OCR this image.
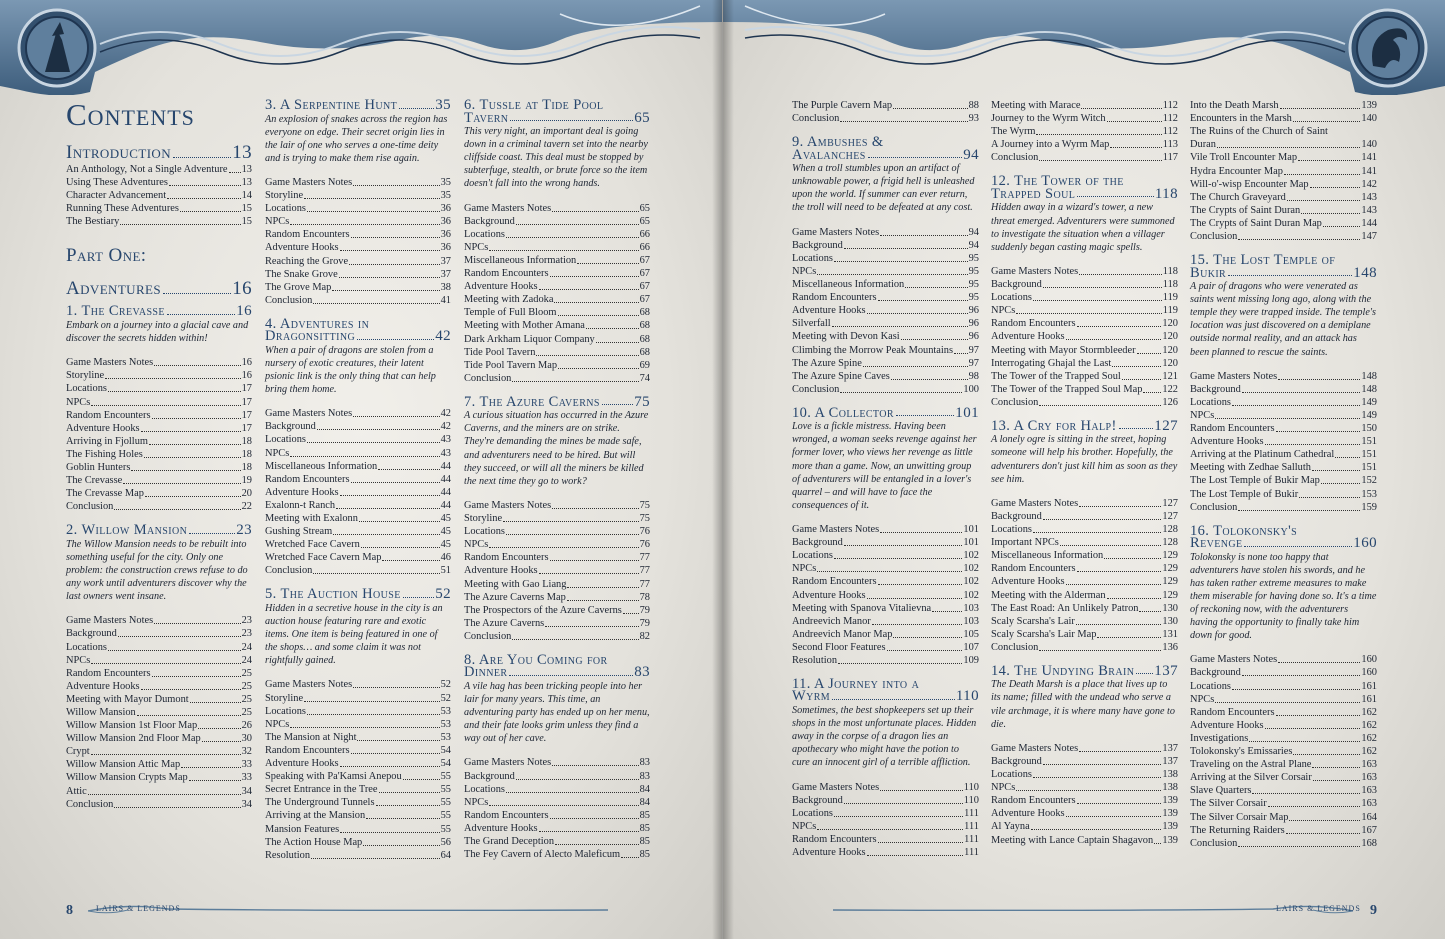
8	LAIRS & LEGENDS	LAIRS & LEGENDS 9
Contents
Introduction	13
An Anthology, Not a Single Adventure 13
Using These Adventures	13
Character Advancement	14
Running These Adventures	15
The Bestiary	15
Part One:
Adventures	16
1. The Crevasse	16
Embark on a journey into a glacial cave and discover the secrets hidden within!
Game Masters Notes	16
Storyline	16
Locations	17
NPCs	17
Random Encounters	17
Adventure Hooks	17
Arriving in Fjollum	18
The Fishing Holes	18
Goblin Hunters	18
The Crevasse	19
The Crevasse Map	20
Conclusion	22
2. Willow Mansion	23
The Willow Mansion needs to be rebuilt into something useful for the city. Only one problem: the construction crews refuse to do any work until adventurers discover why the last owners went insane.
Game Masters Notes	23
Background	23
Locations	24
NPCs	24
Random Encounters	25
Adventure Hooks	25
Meeting with Mayor Dumont	25
Willow Mansion	25
Willow Mansion 1st Floor Map	26
Willow Mansion 2nd Floor Map	30
Crypt	32
Willow Mansion Attic Map	33
Willow Mansion Crypts Map	33
Attic	34
Conclusion	34
3. A Serpentine Hunt	35
An explosion of snakes across the region has everyone on edge. Their secret origin lies in the lair of one who serves a one-time deity and is trying to make them rise again.
Game Masters Notes	35
Storyline	35
Locations	36
NPCs	36
Random Encounters	36
Adventure Hooks	36
Reaching the Grove	37
The Snake Grove	37
The Grove Map	38
Conclusion	41
4. Adventures in
Dragonsitting	42
When a pair of dragons are stolen from a nursery of exotic creatures, their latent psionic link is the only thing that can help bring them home.
Game Masters Notes	42
Background	42
Locations	43
NPCs	43
Miscellaneous Information	44
Random Encounters	44
Adventure Hooks	44
Exalonn-t Ranch	44
Meeting with Exalonn	45
Gushing Stream	45
Wretched Face Cavern	45
Wretched Face Cavern Map	46
Conclusion	51
5. The Auction House 52
Hidden in a secretive house in the city is an auction house featuring rare and exotic items. One item is being featured in one of the shops… and some claim it was not rightfully gained.
Game Masters Notes	52
Storyline	52
Locations	53
NPCs	53
The Mansion at Night	53
Random Encounters	54
Adventure Hooks	54
Speaking with Pa'Kamsi Anepou	55
Secret Entrance in the Tree	55
The Underground Tunnels	55
Arriving at the Mansion	55
Mansion Features	55
The Action House Map	56
Resolution	64
6. Tussle at Tide Pool
Tavern	65
This very night, an important deal is going down in a criminal tavern set into the nearby cliffside coast. This deal must be stopped by subterfuge, stealth, or brute force so the item doesn't fall into the wrong hands.
Game Masters Notes	65
Background	65
Locations	66
NPCs	66
Miscellaneous Information	67
Random Encounters	67
Adventure Hooks	67
Meeting with Zadoka	67
Temple of Full Bloom	68
Meeting with Mother Amana	68
Dark Arkham Liquor Company	68
Tide Pool Tavern	68
Tide Pool Tavern Map	69
Conclusion	74
7. The Azure Caverns 75
A curious situation has occurred in the Azure Caverns, and the miners are on strike. They're demanding the mines be made safe, and adventurers need to be hired. But will they succeed, or will all the miners be killed the next time they go to work?
Game Masters Notes	75
Storyline	75
Locations	76
NPCs	76
Random Encounters	77
Adventure Hooks	77
Meeting with Gao Liang	77
The Azure Caverns Map	78
The Prospectors of the Azure Caverns 79
The Azure Caverns	79
Conclusion	82
8. Are You Coming for
Dinner	83
A vile hag has been tricking people into her lair for many years. This time, an adventuring party has ended up on her menu, and their fate looks grim unless they find a way out of her cave.
Game Masters Notes	83
Background	83
Locations	84
NPCs	84
Random Encounters	85
Adventure Hooks	85
The Grand Deception	85
The Fey Cavern of Alecto Maleficum 85
The Purple Cavern Map	88
Conclusion	93
9. Ambushes &
Avalanches	94
When a troll stumbles upon an artifact of unknowable power, a frigid hell is unleashed upon the world. If summer can ever return, the troll will need to be defeated at any cost.
Game Masters Notes	94
Background	94
Locations	95
NPCs	95
Miscellaneous Information	95
Random Encounters	95
Adventure Hooks	96
Silverfall	96
Meeting with Devon Kasi	96
Climbing the Morrow Peak Mountains 97
The Azure Spine	97
The Azure Spine Caves	98
Conclusion	100
10. A Collector	101
Love is a fickle mistress. Having been wronged, a woman seeks revenge against her former lover, who views her revenge as little more than a game. Now, an unwitting group of adventurers will be entangled in a lover's quarrel – and will have to face the consequences of it.
Game Masters Notes	101
Background	101
Locations	102
NPCs	102
Random Encounters	102
Adventure Hooks	102
Meeting with Spanova Vitalievna	103
Andreevich Manor	103
Andreevich Manor Map	105
Second Floor Features	107
Resolution	109
11. A Journey into a
Wyrm	110
Sometimes, the best shopkeepers set up their shops in the most unfortunate places. Hidden away in the corpse of a dragon lies an apothecary who might have the potion to cure an innocent girl of a terrible affliction.
Game Masters Notes	110
Background	110
Locations	111
NPCs	111
Random Encounters	111
Adventure Hooks	111
Meeting with Marace	112
Journey to the Wyrm Witch	112
The Wyrm	112
A Journey into a Wyrm Map	113
Conclusion	117
12. The Tower of the
Trapped Soul	118
Hidden away in a wizard's tower, a new threat emerged. Adventurers were summoned to investigate the situation when a villager suddenly began casting magic spells.
Game Masters Notes	118
Background	118
Locations	119
NPCs	119
Random Encounters	120
Adventure Hooks	120
Meeting with Mayor Stormbleeder	120
Interrogating Ghajal the Last	120
The Tower of the Trapped Soul	121
The Tower of the Trapped Soul Map 122
Conclusion	126
13. A Cry for Halp!	127
A lonely ogre is sitting in the street, hoping someone will help his brother. Hopefully, the adventurers don't just kill him as soon as they see him.
Game Masters Notes	127
Background	127
Locations	128
Important NPCs	128
Miscellaneous Information	129
Random Encounters	129
Adventure Hooks	129
Meeting with the Alderman	129
The East Road: An Unlikely Patron 130
Scaly Scarsha's Lair	130
Scaly Scarsha's Lair Map	131
Conclusion	136
14. The Undying Brain 137
The Death Marsh is a place that lives up to its name; filled with the undead who serve a vile archmage, it is where many have gone to die.
Game Masters Notes	137
Background	137
Locations	138
NPCs	138
Random Encounters	139
Adventure Hooks	139
Al Yayna	139
Meeting with Lance Captain Shagavon 139
Into the Death Marsh	139
Encounters in the Marsh	140
The Ruins of the Church of Saint
Duran	140
Vile Troll Encounter Map	141
Hydra Encounter Map	141
Will-o'-wisp Encounter Map	142
The Church Graveyard	143
The Crypts of Saint Duran	143
The Crypts of Saint Duran Map	144
Conclusion	147
15. The Lost Temple of
Bukir	148
A pair of dragons who were venerated as saints went missing long ago, along with the temple they were trapped inside. The temple's location was just discovered on a demiplane outside normal reality, and an attack has been planned to rescue the saints.
Game Masters Notes	148
Background	148
Locations	149
NPCs	149
Random Encounters	150
Adventure Hooks	151
Arriving at the Platinum Cathedral	151
Meeting with Zedhae Salluth	151
The Lost Temple of Bukir Map	152
The Lost Temple of Bukir	153
Conclusion	159
16. Tolokonsky's
Revenge	160
Tolokonsky is none too happy that adventurers have stolen his swords, and he has taken rather extreme measures to make them miserable for having done so. It's a time of reckoning now, with the adventurers having the opportunity to finally take him down for good.
Game Masters Notes	160
Background	160
Locations	161
NPCs	161
Random Encounters	162
Adventure Hooks	162
Investigations	162
Tolokonsky's Emissaries	162
Traveling on the Astral Plane	163
Arriving at the Silver Corsair	163
Slave Quarters	163
The Silver Corsair	163
The Silver Corsair Map	164
The Returning Raiders	167
Conclusion	168
